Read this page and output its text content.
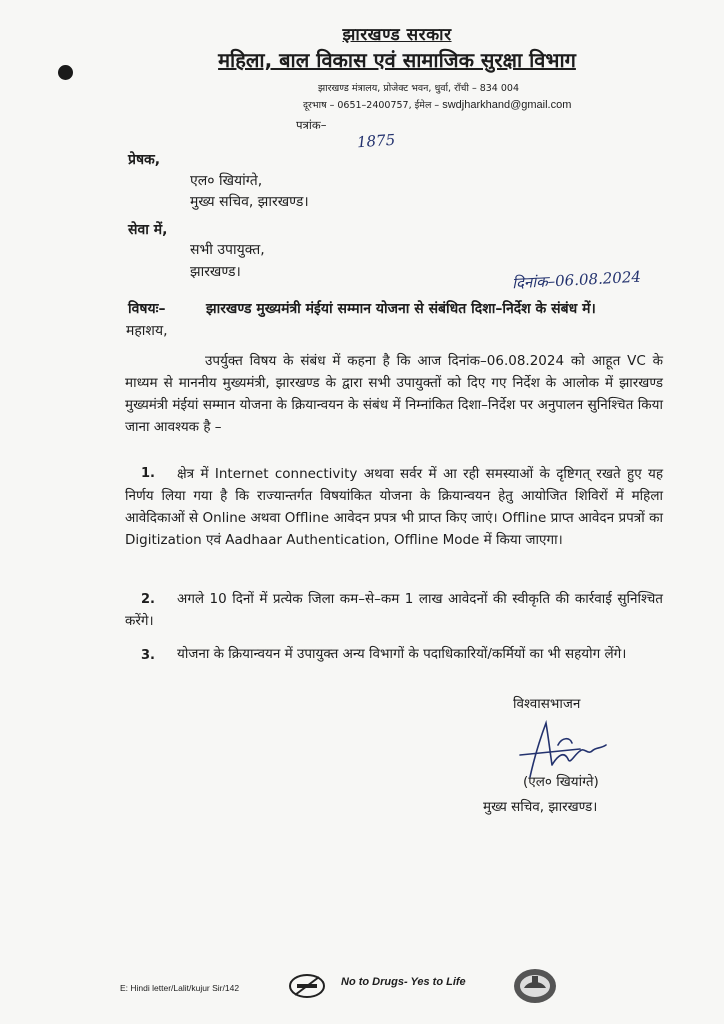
झारखण्ड सरकार
महिला, बाल विकास एवं सामाजिक सुरक्षा विभाग
झारखण्ड मंत्रालय, प्रोजेक्ट भवन, धुर्वा, राँची – 834 004
दूरभाष – 0651–2400757, ईमेल – swdjharkhand@gmail.com
पत्रांक–
1875
प्रेषक,
एल० खियांग्ते,
मुख्य सचिव, झारखण्ड।
सेवा में,
सभी उपायुक्त,
झारखण्ड।	दिनांक–06.08.2024
विषयः–	झारखण्ड मुख्यमंत्री मंईयां सम्मान योजना से संबंधित दिशा–निर्देश के संबंध में।
महाशय,
उपर्युक्त विषय के संबंध में कहना है कि आज दिनांक–06.08.2024 को आहूत VC के माध्यम से माननीय मुख्यमंत्री, झारखण्ड के द्वारा सभी उपायुक्तों को दिए गए निर्देश के आलोक में झारखण्ड मुख्यमंत्री मंईयां सम्मान योजना के क्रियान्वयन के संबंध में निम्नांकित दिशा–निर्देश पर अनुपालन सुनिश्चित किया जाना आवश्यक है –
1.	क्षेत्र में Internet connectivity अथवा सर्वर में आ रही समस्याओं के दृष्टिगत् रखते हुए यह निर्णय लिया गया है कि राज्यान्तर्गत विषयांकित योजना के क्रियान्वयन हेतु आयोजित शिविरों में महिला आवेदिकाओं से Online अथवा Offline आवेदन प्रपत्र भी प्राप्त किए जाएं। Offline प्राप्त आवेदन प्रपत्रों का Digitization एवं Aadhaar Authentication, Offline Mode में किया जाएगा।
2.	अगले 10 दिनों में प्रत्येक जिला कम–से–कम 1 लाख आवेदनों की स्वीकृति की कार्रवाई सुनिश्चित करेंगे।
3.	योजना के क्रियान्वयन में उपायुक्त अन्य विभागों के पदाधिकारियों/कर्मियों का भी सहयोग लेंगे।
विश्वासभाजन
(एल० खियांग्ते)
मुख्य सचिव, झारखण्ड।
E: Hindi letter/Lalit/kujur Sir/142	No to Drugs- Yes to Life
